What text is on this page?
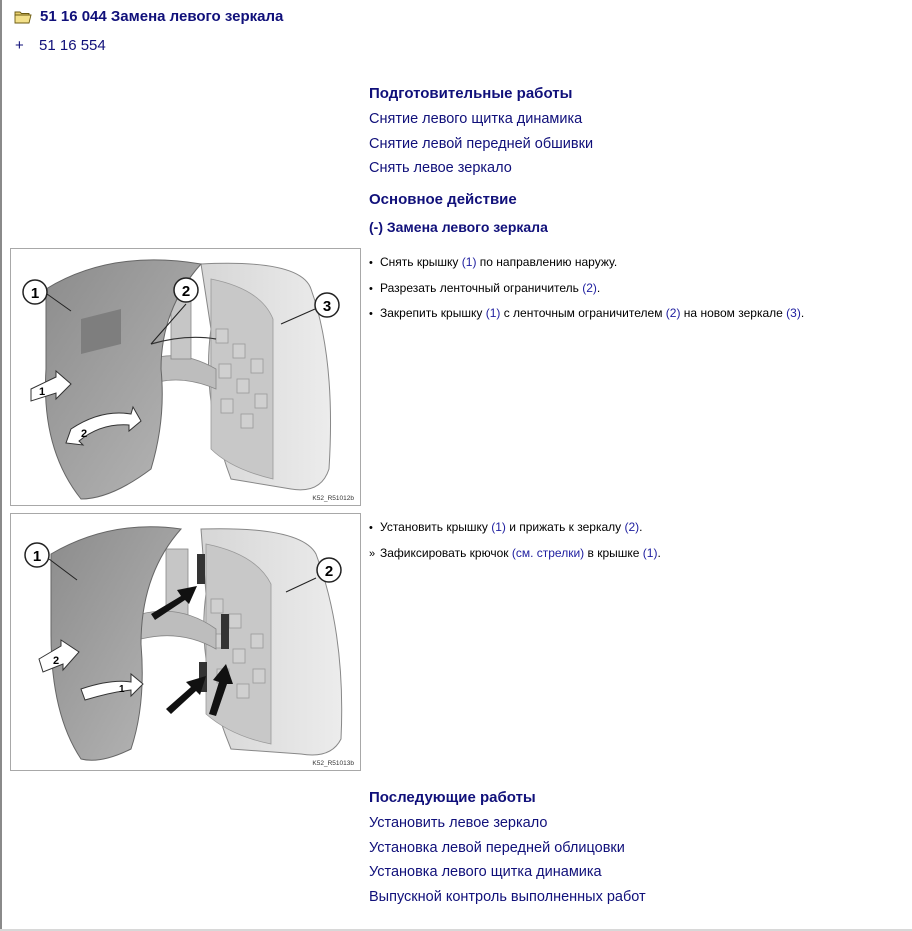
51 16 044 Замена левого зеркала
+	51 16 554
Подготовительные работы
Снятие левого щитка динамика
Снятие левой передней обшивки
Снять левое зеркало
Основное действие
(-) Замена левого зеркала
1
2
1	2
3
K52_R51012b
• Снять крышку (1) по направлению наружу.
• Разрезать ленточный ограничитель (2).
• Закрепить крышку (1) с ленточным ограничителем (2) на новом зеркале (3).
2
1
1
2
K52_R51013b
• Установить крышку (1) и прижать к зеркалу (2).
» Зафиксировать крючок (см. стрелки) в крышке (1).
Последующие работы
Установить левое зеркало
Установка левой передней облицовки
Установка левого щитка динамика
Выпускной контроль выполненных работ
